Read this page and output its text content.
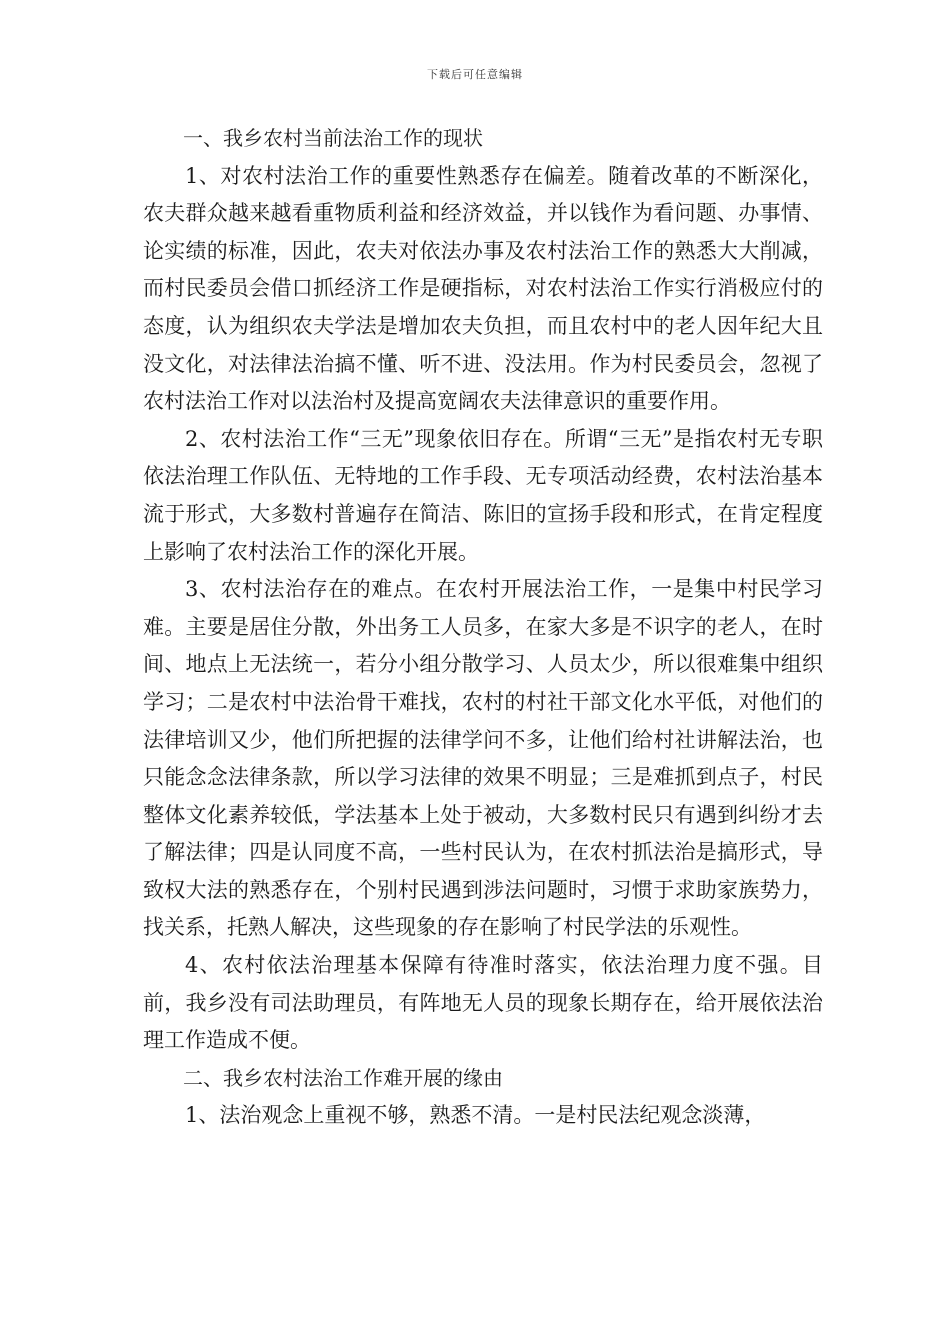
下载后可任意编辑

一、我乡农村当前法治工作的现状

1、对农村法治工作的重要性熟悉存在偏差。随着改革的不断深化，农夫群众越来越看重物质利益和经济效益，并以钱作为看问题、办事情、论实绩的标准，因此，农夫对依法办事及农村法治工作的熟悉大大削减，而村民委员会借口抓经济工作是硬指标，对农村法治工作实行消极应付的态度，认为组织农夫学法是增加农夫负担，而且农村中的老人因年纪大且没文化，对法律法治搞不懂、听不进、没法用。作为村民委员会，忽视了农村法治工作对以法治村及提高宽阔农夫法律意识的重要作用。

2、农村法治工作“三无”现象依旧存在。所谓“三无”是指农村无专职依法治理工作队伍、无特地的工作手段、无专项活动经费，农村法治基本流于形式，大多数村普遍存在简洁、陈旧的宣扬手段和形式，在肯定程度上影响了农村法治工作的深化开展。

3、农村法治存在的难点。在农村开展法治工作，一是集中村民学习难。主要是居住分散，外出务工人员多，在家大多是不识字的老人，在时间、地点上无法统一，若分小组分散学习、人员太少，所以很难集中组织学习；二是农村中法治骨干难找，农村的村社干部文化水平低，对他们的法律培训又少，他们所把握的法律学问不多，让他们给村社讲解法治，也只能念念法律条款，所以学习法律的效果不明显；三是难抓到点子，村民整体文化素养较低，学法基本上处于被动，大多数村民只有遇到纠纷才去了解法律；四是认同度不高，一些村民认为，在农村抓法治是搞形式，导致权大法的熟悉存在，个别村民遇到涉法问题时，习惯于求助家族势力，找关系，托熟人解决，这些现象的存在影响了村民学法的乐观性。

4、农村依法治理基本保障有待准时落实，依法治理力度不强。目前，我乡没有司法助理员，有阵地无人员的现象长期存在，给开展依法治理工作造成不便。

二、我乡农村法治工作难开展的缘由

1、法治观念上重视不够，熟悉不清。一是村民法纪观念淡薄，
